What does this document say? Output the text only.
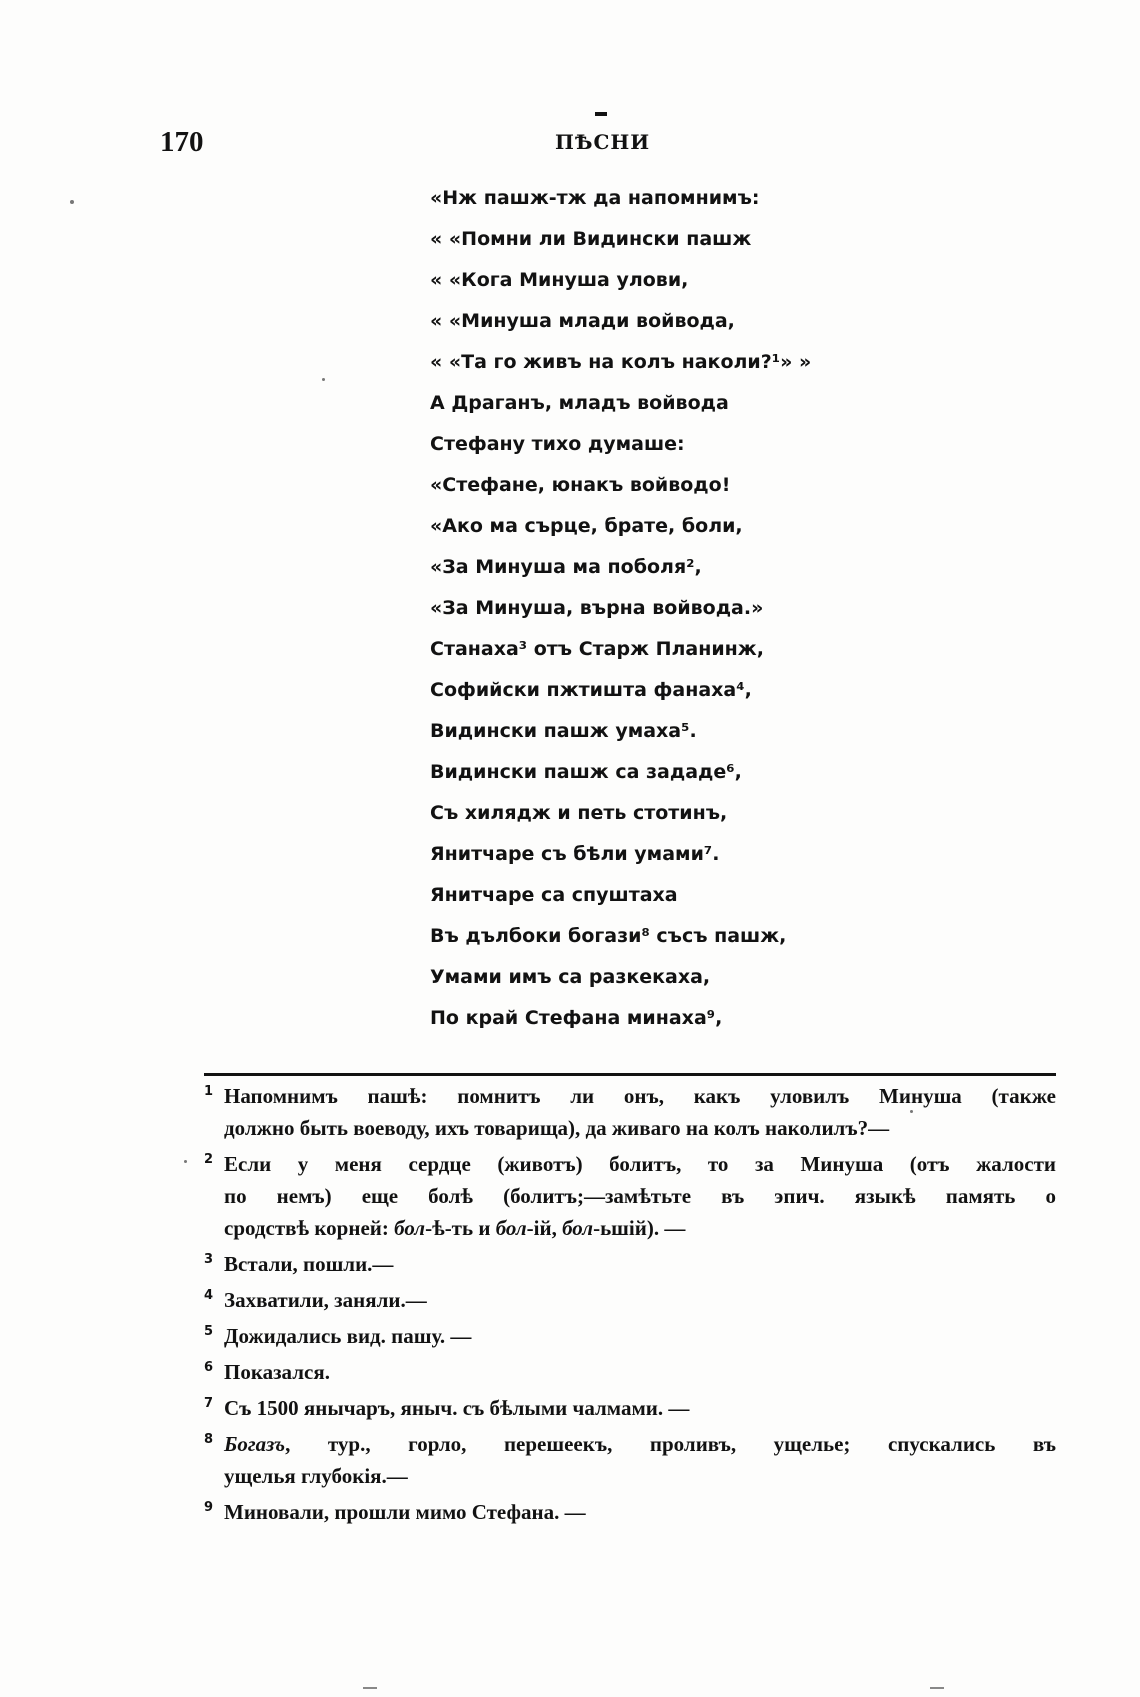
170	ПѢСНИ
«Нж пашж-тж да напомнимъ:
« «Помни ли Видински пашж
« «Кога Минуша улови,
« «Минуша млади войвода,
« «Та го живъ на колъ наколи?¹» »
А Драганъ, младъ войвода
Стефану тихо думаше:
«Стефане, юнакъ войводо!
«Ако ма сърце, брате, боли,
«За Минуша ма поболя²,
«За Минуша, върна войвода.»
Станаха³ отъ Старж Планинж,
Софийски пжтишта фанаха⁴,
Видински пашж умаха⁵.
Видински пашж са зададе⁶,
Съ хилядж и петь стотинъ,
Янитчаре съ бѣли умами⁷.
Янитчаре са спуштаха
Въ дълбоки богази⁸ съсъ пашж,
Умами имъ са разкекаха,
По край Стефана минаха⁹,
1 Напомнимъ пашѣ: помнитъ ли онъ, какъ уловилъ Минуша (также
должно быть воеводу, ихъ товарища), да живаго на колъ наколилъ?—
2 Если у меня сердце (животъ) болитъ, то за Минуша (отъ жалости
по немъ) еще болѣ (болитъ;—замѣтьте въ эпич. языкѣ память о
сродствѣ корней: бол-ѣ-ть и бол-ій, бол-ьшій). —
3 Встали, пошли.—
4 Захватили, заняли.—
5 Дожидались вид. пашу. —
6 Показался.
7 Съ 1500 янычаръ, яныч. съ бѣлыми чалмами. —
8 Богазъ, тур., горло, перешеекъ, проливъ, ущелье; спускались въ
ущелья глубокія.—
9 Миновали, прошли мимо Стефана. —
